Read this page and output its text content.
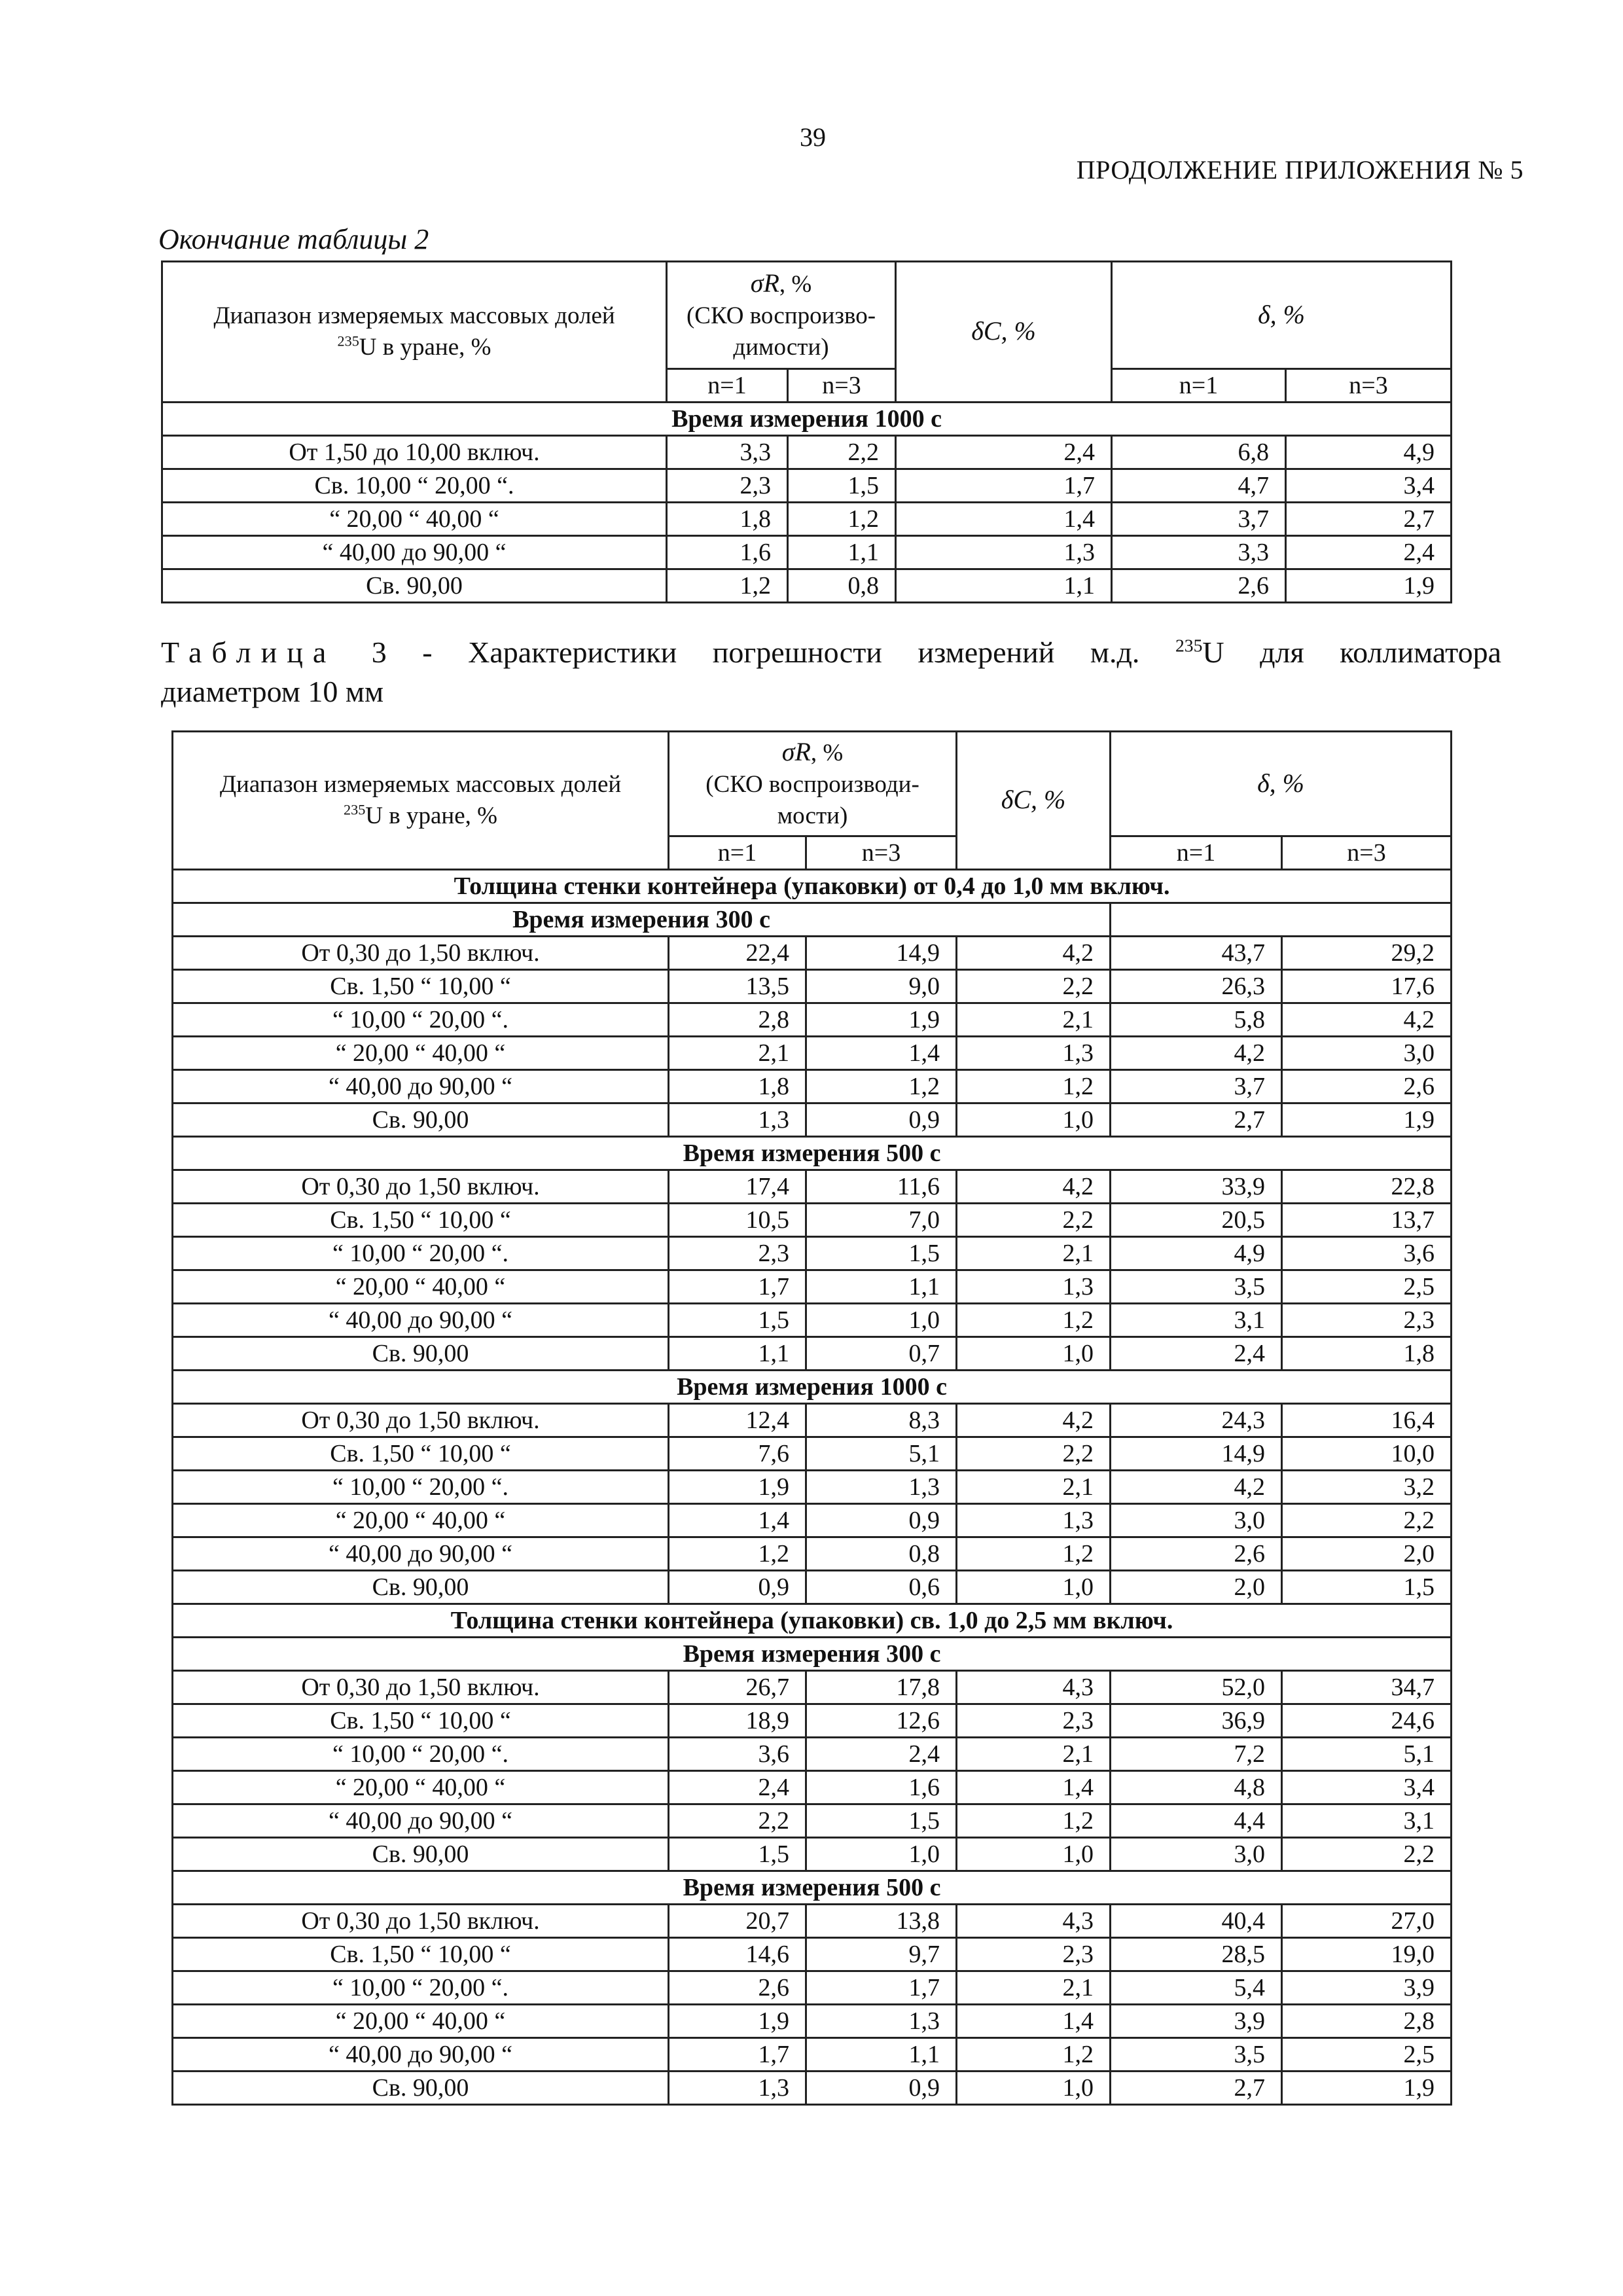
39
ПРОДОЛЖЕНИЕ ПРИЛОЖЕНИЯ № 5
Окончание таблицы 2
Диапазон измеряемых массовых долей
$^{235}$U в уране, %	σR, %
(СКО воспроизво-
димости)		δC, %	δ, %	
	n=1	n=3		n=1	n=3
Время измерения 1000 с					
От 1,50 до 10,00 включ.	3,3	2,2	2,4	6,8	4,9
Св. 10,00 “ 20,00 “.	2,3	1,5	1,7	4,7	3,4
“ 20,00 “ 40,00 “	1,8	1,2	1,4	3,7	2,7
“ 40,00 до 90,00 “	1,6	1,1	1,3	3,3	2,4
Св. 90,00	1,2	0,8	1,1	2,6	1,9
Таблица 3 - Характеристики погрешности измерений м.д. $^{235}$U для коллиматора
диаметром 10 мм
Диапазон измеряемых массовых долей
$^{235}$U в уране, %	σR, %
(СКО воспроизводи-
мости)		δC, %	δ, %	
	n=1	n=3		n=1	n=3
Толщина стенки контейнера (упаковки) от 0,4 до 1,0 мм включ.					
Время измерения 300 с					
От 0,30 до 1,50 включ.	22,4	14,9	4,2	43,7	29,2
Св. 1,50 “ 10,00 “	13,5	9,0	2,2	26,3	17,6
“ 10,00 “ 20,00 “.	2,8	1,9	2,1	5,8	4,2
“ 20,00 “ 40,00 “	2,1	1,4	1,3	4,2	3,0
“ 40,00 до 90,00 “	1,8	1,2	1,2	3,7	2,6
Св. 90,00	1,3	0,9	1,0	2,7	1,9
Время измерения 500 с					
От 0,30 до 1,50 включ.	17,4	11,6	4,2	33,9	22,8
Св. 1,50 “ 10,00 “	10,5	7,0	2,2	20,5	13,7
“ 10,00 “ 20,00 “.	2,3	1,5	2,1	4,9	3,6
“ 20,00 “ 40,00 “	1,7	1,1	1,3	3,5	2,5
“ 40,00 до 90,00 “	1,5	1,0	1,2	3,1	2,3
Св. 90,00	1,1	0,7	1,0	2,4	1,8
Время измерения 1000 с					
От 0,30 до 1,50 включ.	12,4	8,3	4,2	24,3	16,4
Св. 1,50 “ 10,00 “	7,6	5,1	2,2	14,9	10,0
“ 10,00 “ 20,00 “.	1,9	1,3	2,1	4,2	3,2
“ 20,00 “ 40,00 “	1,4	0,9	1,3	3,0	2,2
“ 40,00 до 90,00 “	1,2	0,8	1,2	2,6	2,0
Св. 90,00	0,9	0,6	1,0	2,0	1,5
Толщина стенки контейнера (упаковки) св. 1,0 до 2,5 мм включ.					
Время измерения 300 с					
От 0,30 до 1,50 включ.	26,7	17,8	4,3	52,0	34,7
Св. 1,50 “ 10,00 “	18,9	12,6	2,3	36,9	24,6
“ 10,00 “ 20,00 “.	3,6	2,4	2,1	7,2	5,1
“ 20,00 “ 40,00 “	2,4	1,6	1,4	4,8	3,4
“ 40,00 до 90,00 “	2,2	1,5	1,2	4,4	3,1
Св. 90,00	1,5	1,0	1,0	3,0	2,2
Время измерения 500 с					
От 0,30 до 1,50 включ.	20,7	13,8	4,3	40,4	27,0
Св. 1,50 “ 10,00 “	14,6	9,7	2,3	28,5	19,0
“ 10,00 “ 20,00 “.	2,6	1,7	2,1	5,4	3,9
“ 20,00 “ 40,00 “	1,9	1,3	1,4	3,9	2,8
“ 40,00 до 90,00 “	1,7	1,1	1,2	3,5	2,5
Св. 90,00	1,3	0,9	1,0	2,7	1,9
